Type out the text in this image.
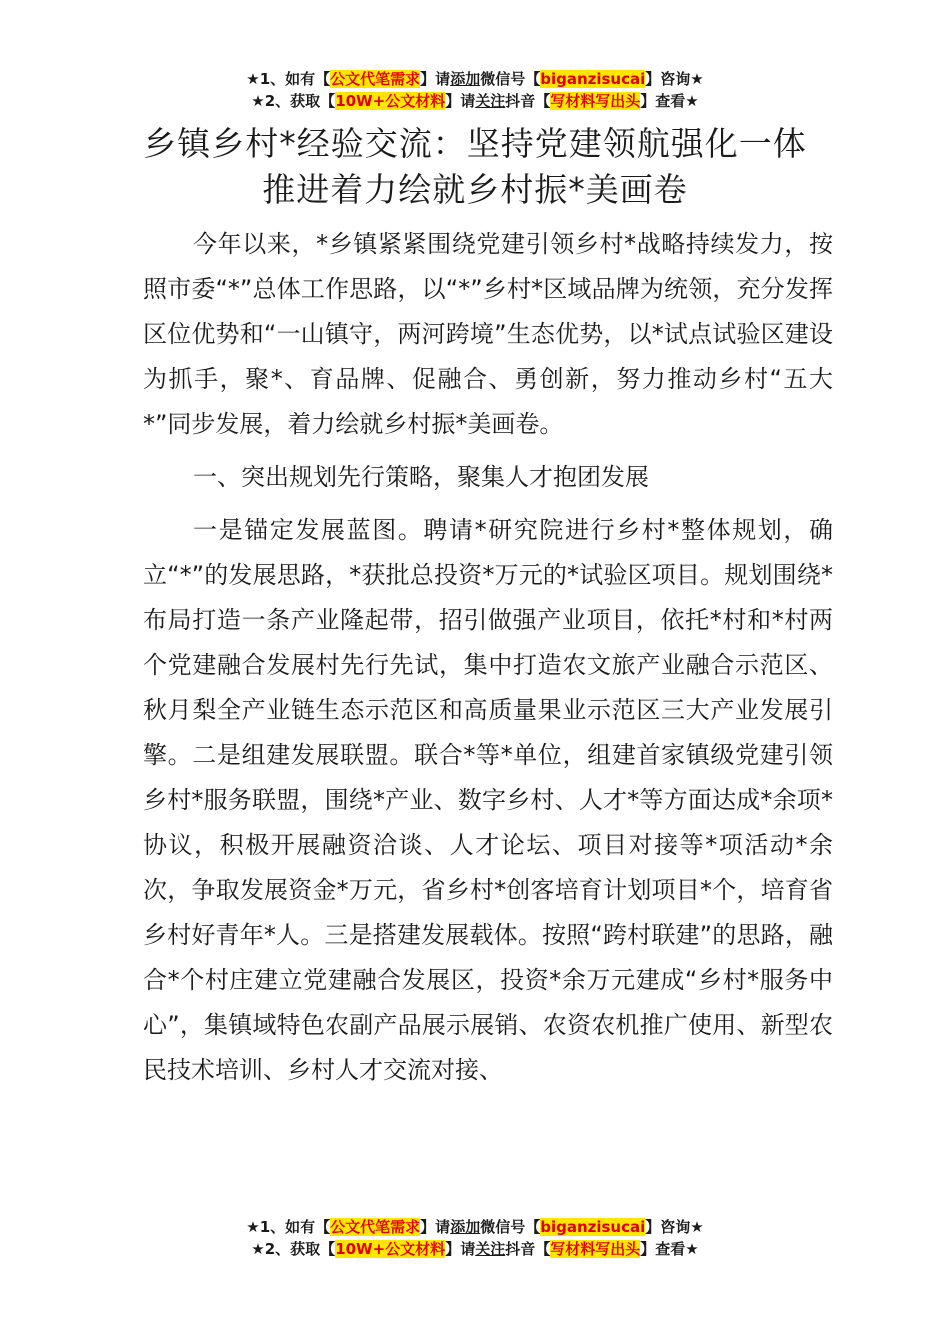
★1、如有【公文代笔需求】请添加微信号【biganzisucai】咨询★
★2、获取【10W+公文材料】请关注抖音【写材料写出头】查看★
乡镇乡村*经验交流：坚持党建领航强化一体
推进着力绘就乡村振*美画卷

今年以来，*乡镇紧紧围绕党建引领乡村*战略持续发力，按照市委“*”总体工作思路，以“*”乡村*区域品牌为统领，充分发挥区位优势和“一山镇守，两河跨境”生态优势，以*试点试验区建设为抓手，聚*、育品牌、促融合、勇创新，努力推动乡村“五大*”同步发展，着力绘就乡村振*美画卷。

一、突出规划先行策略，聚集人才抱团发展

一是锚定发展蓝图。聘请*研究院进行乡村*整体规划，确立“*”的发展思路，*获批总投资*万元的*试验区项目。规划围绕*布局打造一条产业隆起带，招引做强产业项目，依托*村和*村两个党建融合发展村先行先试，集中打造农文旅产业融合示范区、秋月梨全产业链生态示范区和高质量果业示范区三大产业发展引擎。二是组建发展联盟。联合*等*单位，组建首家镇级党建引领乡村*服务联盟，围绕*产业、数字乡村、人才*等方面达成*余项*协议，积极开展融资洽谈、人才论坛、项目对接等*项活动*余次，争取发展资金*万元，省乡村*创客培育计划项目*个，培育省乡村好青年*人。三是搭建发展载体。按照“跨村联建”的思路，融合*个村庄建立党建融合发展区，投资*余万元建成“乡村*服务中心”，集镇域特色农副产品展示展销、农资农机推广使用、新型农民技术培训、乡村人才交流对接、

★1、如有【公文代笔需求】请添加微信号【biganzisucai】咨询★
★2、获取【10W+公文材料】请关注抖音【写材料写出头】查看★
